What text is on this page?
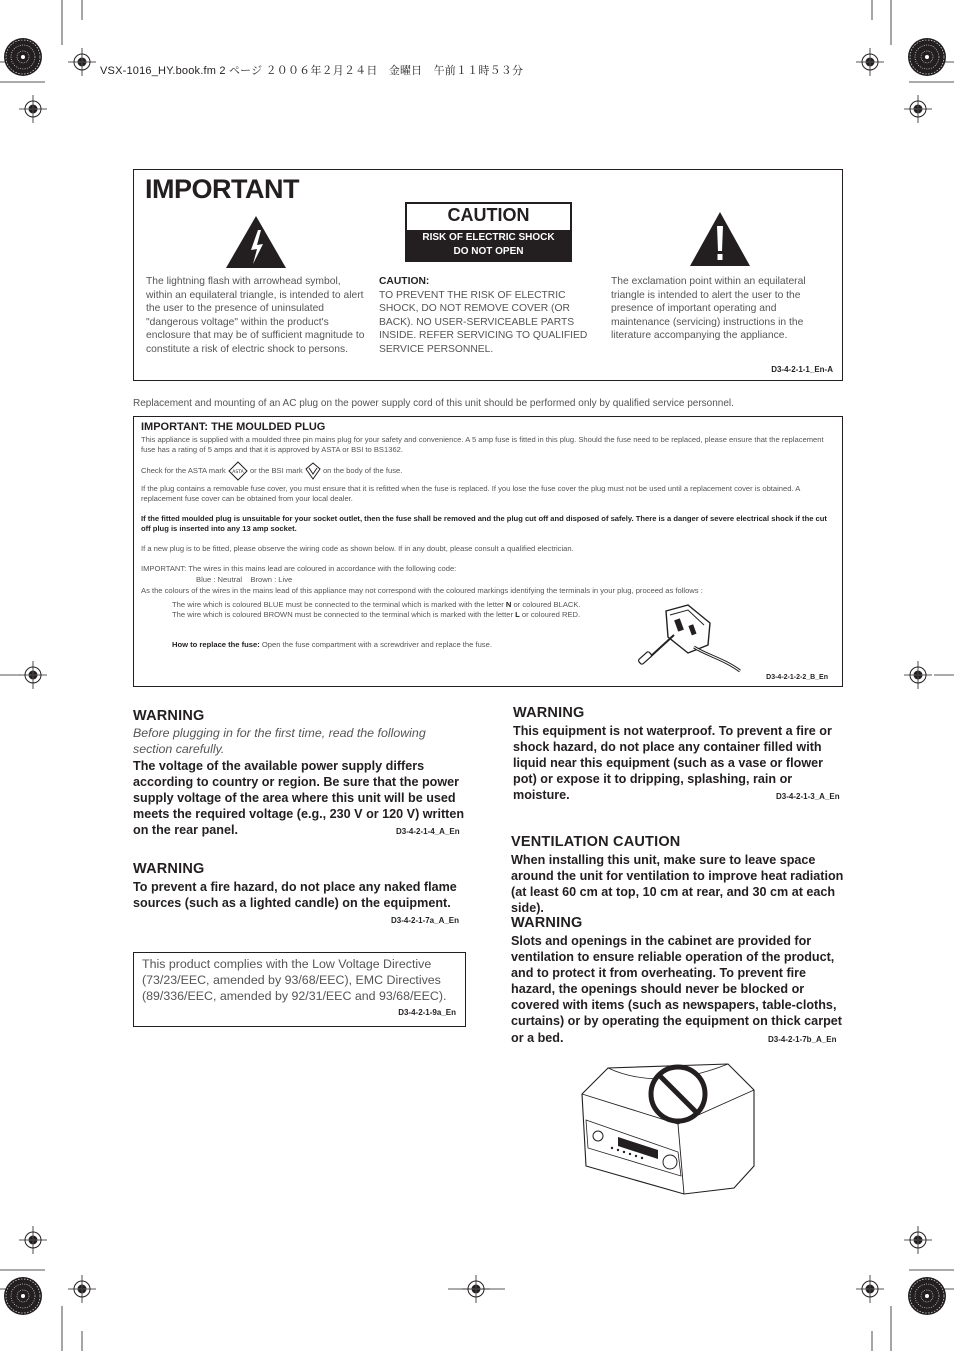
VSX-1016_HY.book.fm 2 ページ ２００６年２月２４日　金曜日　午前１１時５３分
IMPORTANT
CAUTION
RISK OF ELECTRIC SHOCK
DO NOT OPEN
The lightning flash with arrowhead symbol, within an equilateral triangle, is intended to alert the user to the presence of uninsulated "dangerous voltage" within the product's enclosure that may be of sufficient magnitude to constitute a risk of electric shock to persons.
CAUTION:
TO PREVENT THE RISK OF ELECTRIC SHOCK, DO NOT REMOVE COVER (OR BACK). NO USER-SERVICEABLE PARTS INSIDE. REFER SERVICING TO QUALIFIED SERVICE PERSONNEL.
The exclamation point within an equilateral triangle is intended to alert the user to the presence of important operating and maintenance (servicing) instructions in the literature accompanying the appliance.
D3-4-2-1-1_En-A
Replacement and mounting of an AC plug on the power supply cord of this unit should be performed only by qualified service personnel.
IMPORTANT: THE MOULDED PLUG
This appliance is supplied with a moulded three pin mains plug for your safety and convenience. A 5 amp fuse is fitted in this plug. Should the fuse need to be replaced, please ensure that the replacement fuse has a rating of 5 amps and that it is approved by ASTA or BSI to BS1362.
Check for the ASTA mark ASTA or the BSI mark	on the body of the fuse.
If the plug contains a removable fuse cover, you must ensure that it is refitted when the fuse is replaced. If you lose the fuse cover the plug must not be used until a replacement cover is obtained. A replacement fuse cover can be obtained from your local dealer.
If the fitted moulded plug is unsuitable for your socket outlet, then the fuse shall be removed and the plug cut off and disposed of safely. There is a danger of severe electrical shock if the cut off plug is inserted into any 13 amp socket.
If a new plug is to be fitted, please observe the wiring code as shown below. If in any doubt, please consult a qualified electrician.
IMPORTANT: The wires in this mains lead are coloured in accordance with the following code:
Blue : Neutral    Brown : Live
As the colours of the wires in the mains lead of this appliance may not correspond with the coloured markings identifying the terminals in your plug, proceed as follows :
The wire which is coloured BLUE must be connected to the terminal which is marked with the letter N or coloured BLACK.
The wire which is coloured BROWN must be connected to the terminal which is marked with the letter L or coloured RED.
How to replace the fuse: Open the fuse compartment with a screwdriver and replace the fuse.
D3-4-2-1-2-2_B_En
WARNING
Before plugging in for the first time, read the following section carefully.
The voltage of the available power supply differs according to country or region. Be sure that the power supply voltage of the area where this unit will be used meets the required voltage (e.g., 230 V or 120 V) written on the rear panel.	D3-4-2-1-4_A_En
WARNING
To prevent a fire hazard, do not place any naked flame sources (such as a lighted candle) on the equipment.
D3-4-2-1-7a_A_En
This product complies with the Low Voltage Directive (73/23/EEC, amended by 93/68/EEC), EMC Directives (89/336/EEC, amended by 92/31/EEC and 93/68/EEC).
D3-4-2-1-9a_En
WARNING
This equipment is not waterproof. To prevent a fire or shock hazard, do not place any container filled with liquid near this equipment (such as a vase or flower pot) or expose it to dripping, splashing, rain or moisture.	D3-4-2-1-3_A_En
VENTILATION CAUTION
When installing this unit, make sure to leave space around the unit for ventilation to improve heat radiation (at least 60 cm at top, 10 cm at rear, and 30 cm at each side).
WARNING
Slots and openings in the cabinet are provided for ventilation to ensure reliable operation of the product, and to protect it from overheating. To prevent fire hazard, the openings should never be blocked or covered with items (such as newspapers, table-cloths, curtains) or by operating the equipment on thick carpet or a bed.	D3-4-2-1-7b_A_En
